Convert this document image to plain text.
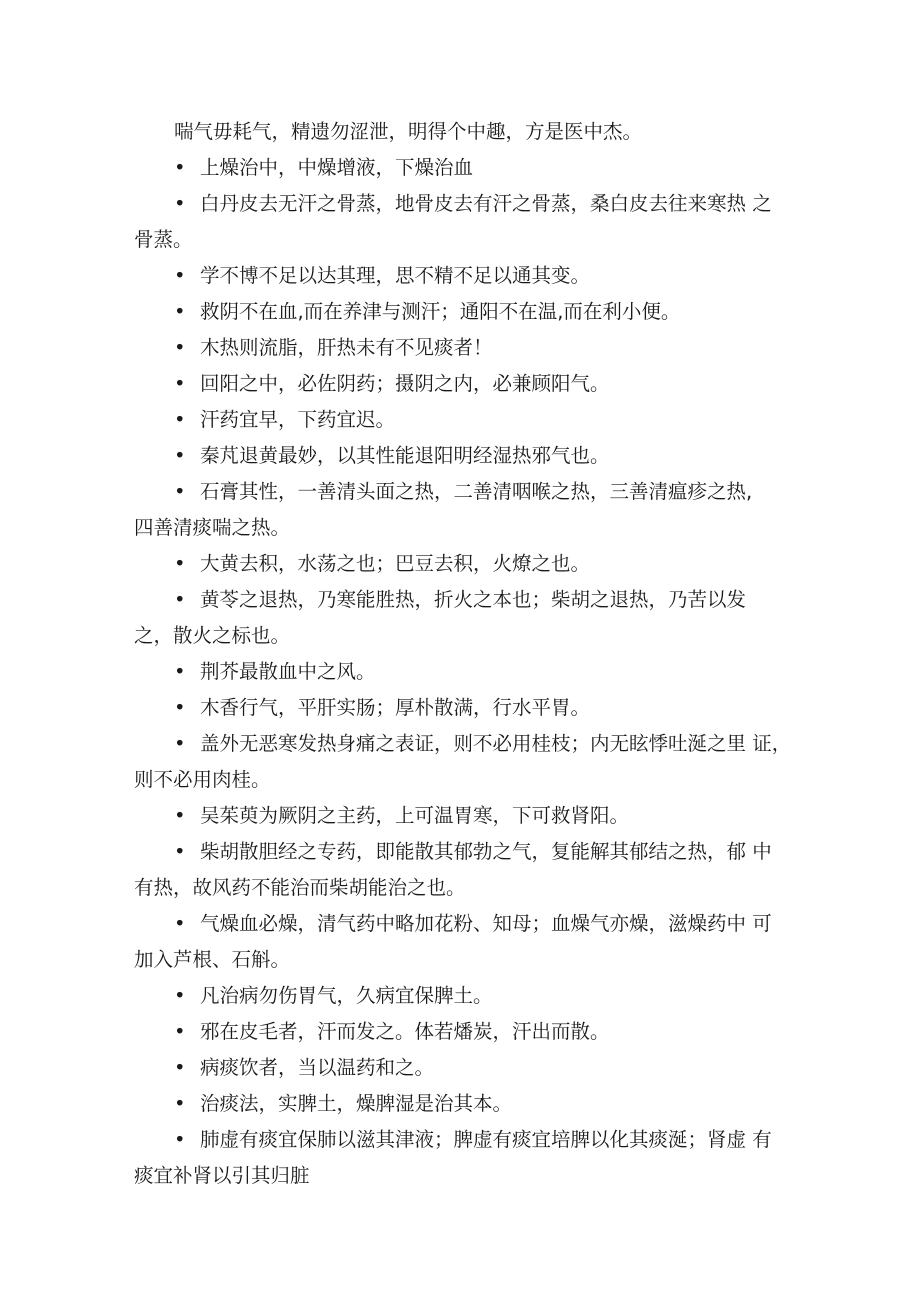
喘气毋耗气，精遗勿涩泄，明得个中趣，方是医中杰。
• 上燥治中，中燥增液，下燥治血
• 白丹皮去无汗之骨蒸，地骨皮去有汗之骨蒸，桑白皮去往来寒热 之
骨蒸。
• 学不博不足以达其理，思不精不足以通其变。
• 救阴不在血,而在养津与测汗；通阳不在温,而在利小便。
• 木热则流脂，肝热未有不见痰者！
• 回阳之中，必佐阴药；摄阴之内，必兼顾阳气。
• 汗药宜早，下药宜迟。
• 秦芃退黄最妙，以其性能退阳明经湿热邪气也。
• 石膏其性，一善清头面之热，二善清咽喉之热，三善清瘟疹之热,
四善清痰喘之热。
• 大黄去积，水荡之也；巴豆去积，火燎之也。
• 黄苓之退热，乃寒能胜热，折火之本也；柴胡之退热，乃苦以发
之，散火之标也。
• 荆芥最散血中之风。
• 木香行气，平肝实肠；厚朴散满，行水平胃。
• 盖外无恶寒发热身痛之表证，则不必用桂枝；内无眩悸吐涎之里 证，
则不必用肉桂。
• 吴茱萸为厥阴之主药，上可温胃寒，下可救肾阳。
• 柴胡散胆经之专药，即能散其郁勃之气，复能解其郁结之热，郁 中
有热，故风药不能治而柴胡能治之也。
• 气燥血必燥，清气药中略加花粉、知母；血燥气亦燥，滋燥药中 可
加入芦根、石斛。
• 凡治病勿伤胃气，久病宜保脾土。
• 邪在皮毛者，汗而发之。体若燔炭，汗出而散。
• 病痰饮者，当以温药和之。
• 治痰法，实脾土，燥脾湿是治其本。
• 肺虚有痰宜保肺以滋其津液；脾虚有痰宜培脾以化其痰涎；肾虚 有
痰宜补肾以引其归脏
